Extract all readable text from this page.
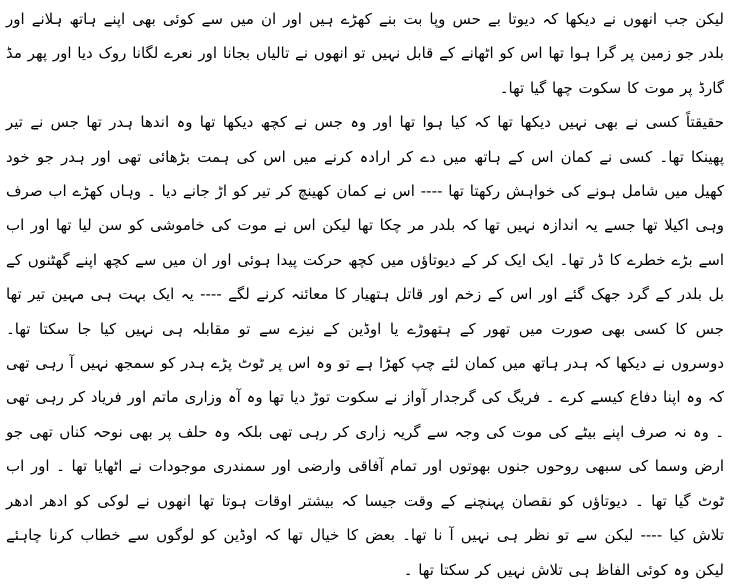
لیکن جب انھوں نے دیکھا کہ دیوتا بے حس وپا بت بنے کھڑے ہیں اور ان میں سے کوئی بھی اپنے ہاتھ ہلانے اور بلدر جو زمین پر گرا ہوا تھا اس کو اٹھانے کے قابل نہیں تو انھوں نے تالیاں بجانا اور نعرے لگانا روک دیا اور پھر مڈ گارڈ پر موت کا سکوت چھا گیا تھا۔

حقیقتاً کسی نے بھی نہیں دیکھا تھا کہ کیا ہوا تھا اور وہ جس نے کچھ دیکھا تھا وہ اندھا ہدر تھا جس نے تیر پھینکا تھا۔ کسی نے کمان اس کے ہاتھ میں دے کر ارادہ کرنے میں اس کی ہمت بڑھائی تھی اور ہدر جو خود کھیل میں شامل ہونے کی خواہش رکھتا تھا ---- اس نے کمان کھینچ کر تیر کو اڑ جانے دیا ۔ وہاں کھڑے اب صرف وہی اکیلا تھا جسے یہ اندازہ نہیں تھا کہ بلدر مر چکا تھا لیکن اس نے موت کی خاموشی کو سن لیا تھا اور اب اسے بڑے خطرے کا ڈر تھا۔ ایک ایک کر کے دیوتاؤں میں کچھ حرکت پیدا ہوئی اور ان میں سے کچھ اپنے گھٹنوں کے بل بلدر کے گرد جھک گئے اور اس کے زخم اور قاتل ہتھیار کا معائنہ کرنے لگے ---- یہ ایک بہت ہی مہین تیر تھا جس کا کسی بھی صورت میں تھور کے ہتھوڑے یا اوڈین کے نیزے سے تو مقابلہ ہی نہیں کیا جا سکتا تھا۔ دوسروں نے دیکھا کہ ہدر ہاتھ میں کمان لئے چپ کھڑا ہے تو وہ اس پر ٹوٹ پڑے ہدر کو سمجھ نہیں آ رہی تھی کہ وہ اپنا دفاع کیسے کرے ۔ فریگ کی گرجدار آواز نے سکوت توڑ دیا تھا وہ آہ وزاری ماتم اور فریاد کر رہی تھی ۔ وہ نہ صرف اپنے بیٹے کی موت کی وجہ سے گریہ زاری کر رہی تھی بلکہ وہ حلف پر بھی نوحہ کناں تھی جو ارض وسما کی سبھی روحوں جنوں بھوتوں اور تمام آفاقی وارضی اور سمندری موجودات نے اٹھایا تھا ۔ اور اب ٹوٹ گیا تھا ۔ دیوتاؤں کو نقصان پہنچنے کے وقت جیسا کہ بیشتر اوقات ہوتا تھا انھوں نے لوکی کو ادھر ادھر تلاش کیا ---- لیکن سے تو نظر ہی نہیں آ نا تھا۔ بعض کا خیال تھا کہ اوڈین کو لوگوں سے خطاب کرنا چاہئے لیکن وہ کوئی الفاظ ہی تلاش نہیں کر سکتا تھا ۔
